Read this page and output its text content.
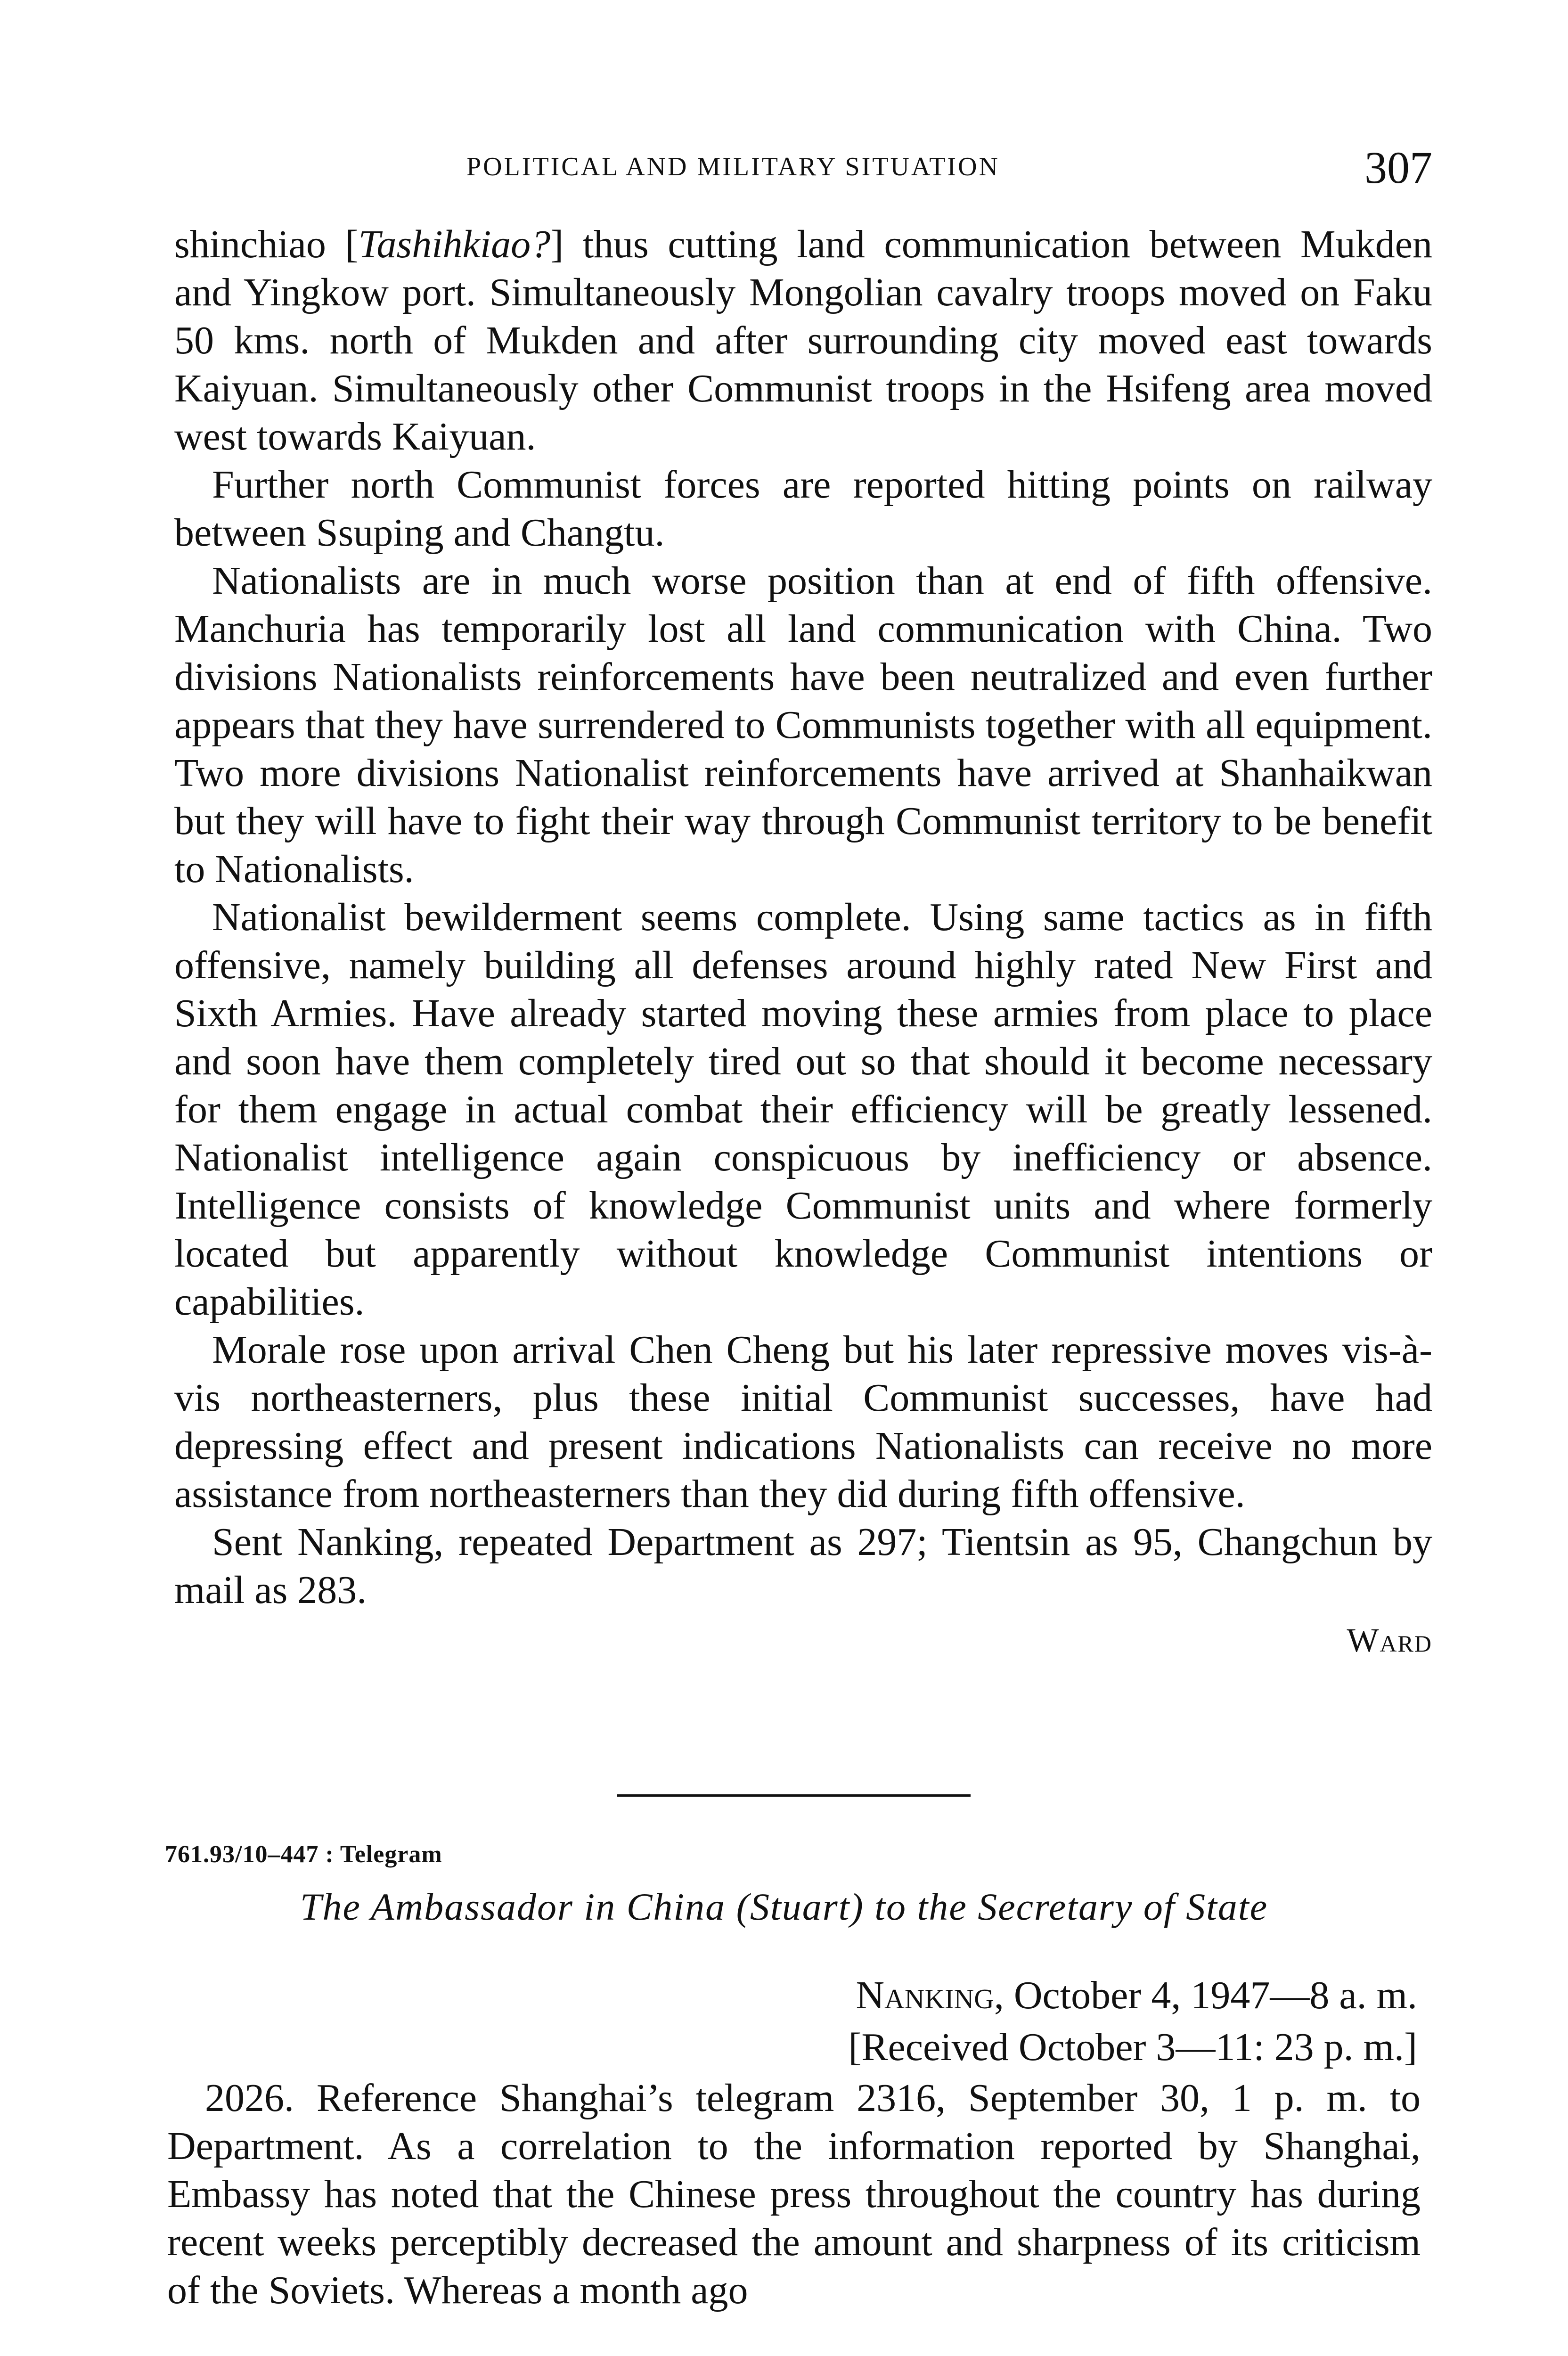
POLITICAL AND MILITARY SITUATION	307

shinchiao [Tashihkiao?] thus cutting land communication between Mukden and Yingkow port. Simultaneously Mongolian cavalry troops moved on Faku 50 kms. north of Mukden and after surrounding city moved east towards Kaiyuan. Simultaneously other Communist troops in the Hsifeng area moved west towards Kaiyuan.

Further north Communist forces are reported hitting points on railway between Ssuping and Changtu.

Nationalists are in much worse position than at end of fifth offensive. Manchuria has temporarily lost all land communication with China. Two divisions Nationalists reinforcements have been neutralized and even further appears that they have surrendered to Communists together with all equipment. Two more divisions Nationalist reinforcements have arrived at Shanhaikwan but they will have to fight their way through Communist territory to be benefit to Nationalists.

Nationalist bewilderment seems complete. Using same tactics as in fifth offensive, namely building all defenses around highly rated New First and Sixth Armies. Have already started moving these armies from place to place and soon have them completely tired out so that should it become necessary for them engage in actual combat their efficiency will be greatly lessened. Nationalist intelligence again conspicuous by inefficiency or absence. Intelligence consists of knowledge Communist units and where formerly located but apparently without knowledge Communist intentions or capabilities.

Morale rose upon arrival Chen Cheng but his later repressive moves vis-à-vis northeasterners, plus these initial Communist successes, have had depressing effect and present indications Nationalists can receive no more assistance from northeasterners than they did during fifth offensive.

Sent Nanking, repeated Department as 297; Tientsin as 95, Changchun by mail as 283.

Ward
761.93/10–447 : Telegram
The Ambassador in China (Stuart) to the Secretary of State
Nanking, October 4, 1947—8 a. m.
[Received October 3—11: 23 p. m.]

2026. Reference Shanghai’s telegram 2316, September 30, 1 p. m. to Department. As a correlation to the information reported by Shanghai, Embassy has noted that the Chinese press throughout the country has during recent weeks perceptibly decreased the amount and sharpness of its criticism of the Soviets. Whereas a month ago
